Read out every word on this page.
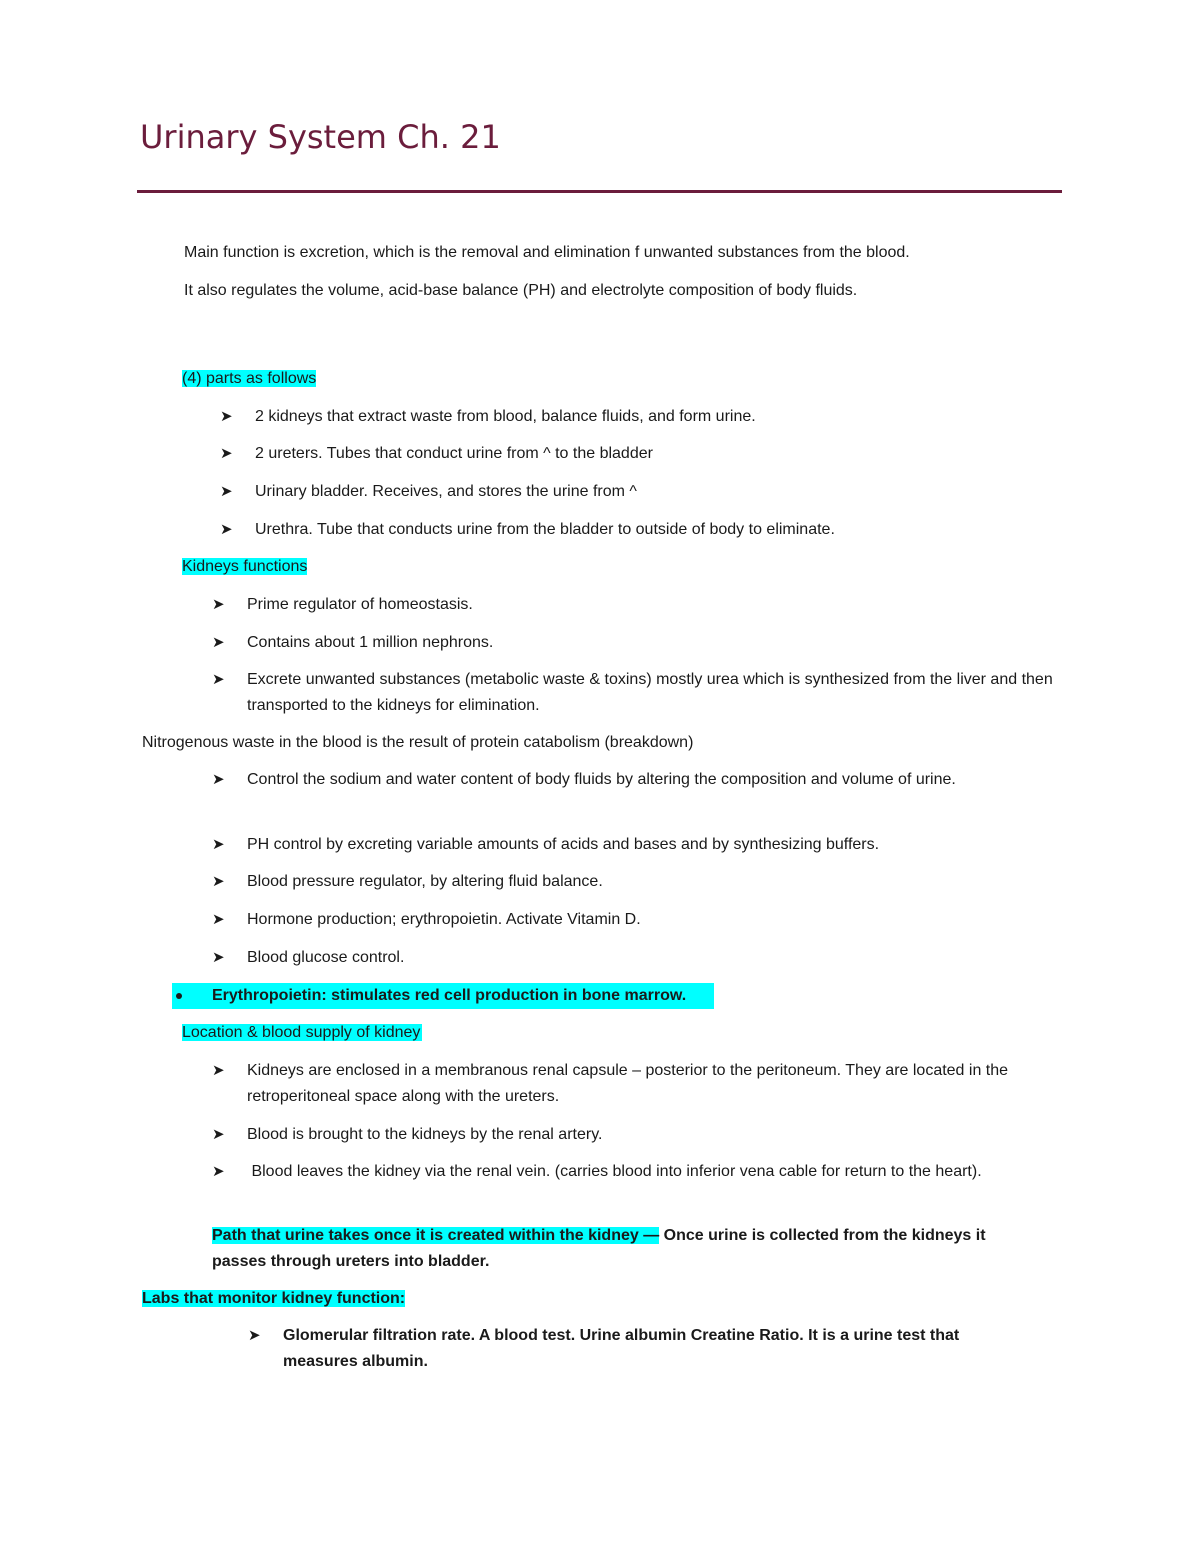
Urinary System Ch. 21
Main function is excretion, which is the removal and elimination f unwanted substances from the blood.
It also regulates the volume, acid-base balance (PH) and electrolyte composition of body fluids.
(4) parts as follows
➤ 2 kidneys that extract waste from blood, balance fluids, and form urine.
➤ 2 ureters. Tubes that conduct urine from ^ to the bladder
➤ Urinary bladder. Receives, and stores the urine from ^
➤ Urethra. Tube that conducts urine from the bladder to outside of body to eliminate.
Kidneys functions
➤ Prime regulator of homeostasis.
➤ Contains about 1 million nephrons.
➤ Excrete unwanted substances (metabolic waste & toxins) mostly urea which is synthesized from the liver and then transported to the kidneys for elimination.
Nitrogenous waste in the blood is the result of protein catabolism (breakdown)
➤ Control the sodium and water content of body fluids by altering the composition and volume of urine.
➤ PH control by excreting variable amounts of acids and bases and by synthesizing buffers.
➤ Blood pressure regulator, by altering fluid balance.
➤ Hormone production; erythropoietin. Activate Vitamin D.
➤ Blood glucose control.
Erythropoietin: stimulates red cell production in bone marrow.
Location & blood supply of kidney
➤ Kidneys are enclosed in a membranous renal capsule – posterior to the peritoneum. They are located in the retroperitoneal space along with the ureters.
➤ Blood is brought to the kidneys by the renal artery.
➤ Blood leaves the kidney via the renal vein. (carries blood into inferior vena cable for return to the heart).
Path that urine takes once it is created within the kidney — Once urine is collected from the kidneys it passes through ureters into bladder.
Labs that monitor kidney function:
➤ Glomerular filtration rate. A blood test. Urine albumin Creatine Ratio. It is a urine test that measures albumin.
